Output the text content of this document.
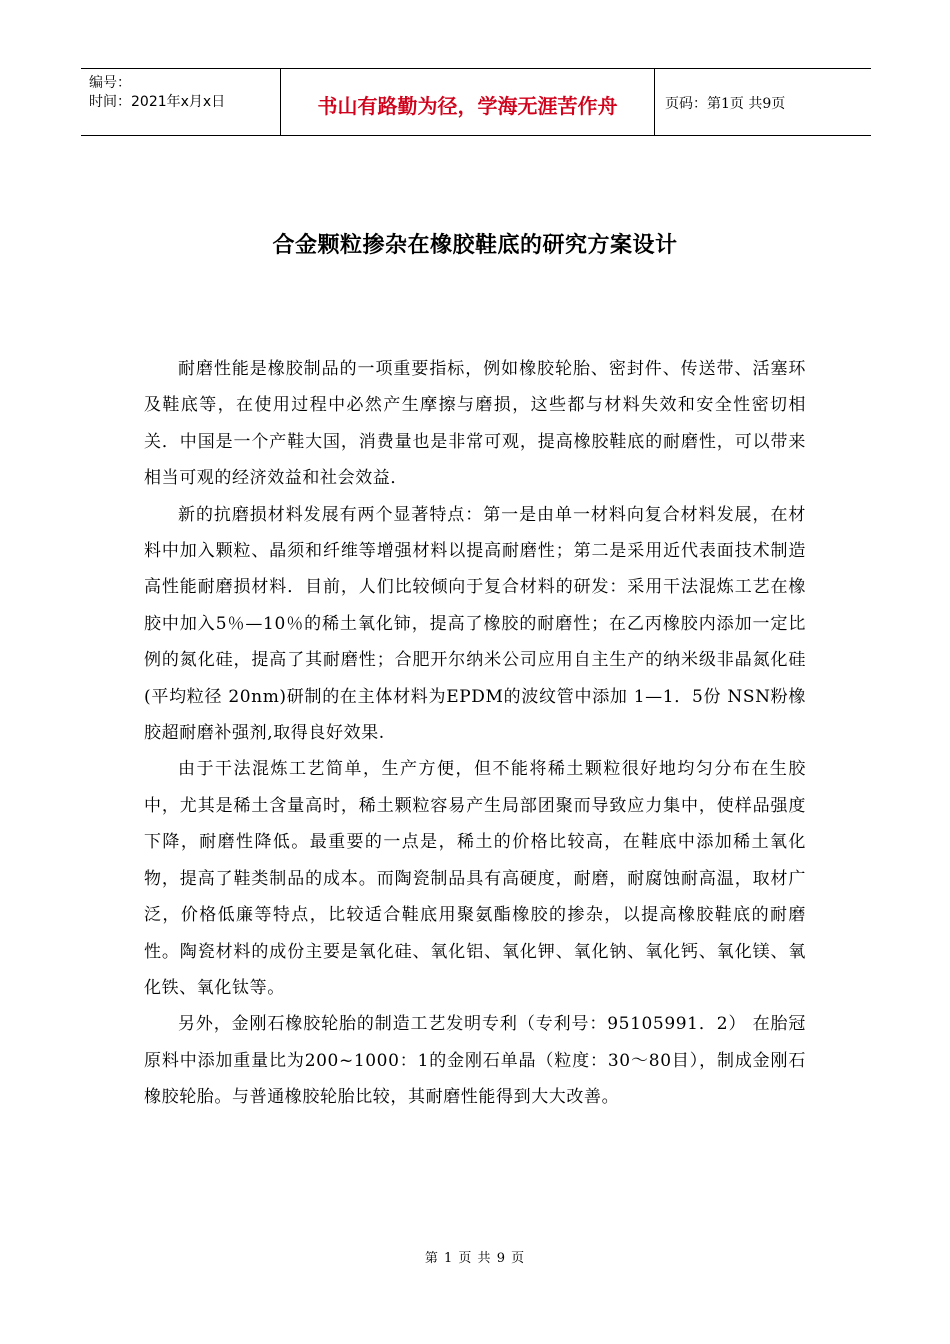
编号：
时间：2021年x月x日	书山有路勤为径，学海无涯苦作舟	页码：第1页 共9页
合金颗粒掺杂在橡胶鞋底的研究方案设计

耐磨性能是橡胶制品的一项重要指标，例如橡胶轮胎、密封件、传送带、活塞环及鞋底等，在使用过程中必然产生摩擦与磨损，这些都与材料失效和安全性密切相关．中国是一个产鞋大国，消费量也是非常可观，提高橡胶鞋底的耐磨性，可以带来相当可观的经济效益和社会效益．

新的抗磨损材料发展有两个显著特点：第一是由单一材料向复合材料发展，在材料中加入颗粒、晶须和纤维等增强材料以提高耐磨性；第二是采用近代表面技术制造高性能耐磨损材料．目前，人们比较倾向于复合材料的研发：采用干法混炼工艺在橡胶中加入5％—10％的稀土氧化铈，提高了橡胶的耐磨性；在乙丙橡胶内添加一定比例的氮化硅，提高了其耐磨性；合肥开尔纳米公司应用自主生产的纳米级非晶氮化硅(平均粒径 20nm)研制的在主体材料为EPDM的波纹管中添加 1—1．5份 NSN粉橡胶超耐磨补强剂,取得良好效果.

由于干法混炼工艺简单，生产方便，但不能将稀土颗粒很好地均匀分布在生胶中，尤其是稀土含量高时，稀土颗粒容易产生局部团聚而导致应力集中，使样品强度下降，耐磨性降低。最重要的一点是，稀土的价格比较高，在鞋底中添加稀土氧化物，提高了鞋类制品的成本。而陶瓷制品具有高硬度，耐磨，耐腐蚀耐高温，取材广泛，价格低廉等特点，比较适合鞋底用聚氨酯橡胶的掺杂，以提高橡胶鞋底的耐磨性。陶瓷材料的成份主要是氧化硅、氧化铝、氧化钾、氧化钠、氧化钙、氧化镁、氧化铁、氧化钛等。

另外，金刚石橡胶轮胎的制造工艺发明专利（专利号：95105991．2） 在胎冠原料中添加重量比为200~1000：1的金刚石单晶（粒度：30～80目），制成金刚石橡胶轮胎。与普通橡胶轮胎比较，其耐磨性能得到大大改善。

第 1 页 共 9 页
